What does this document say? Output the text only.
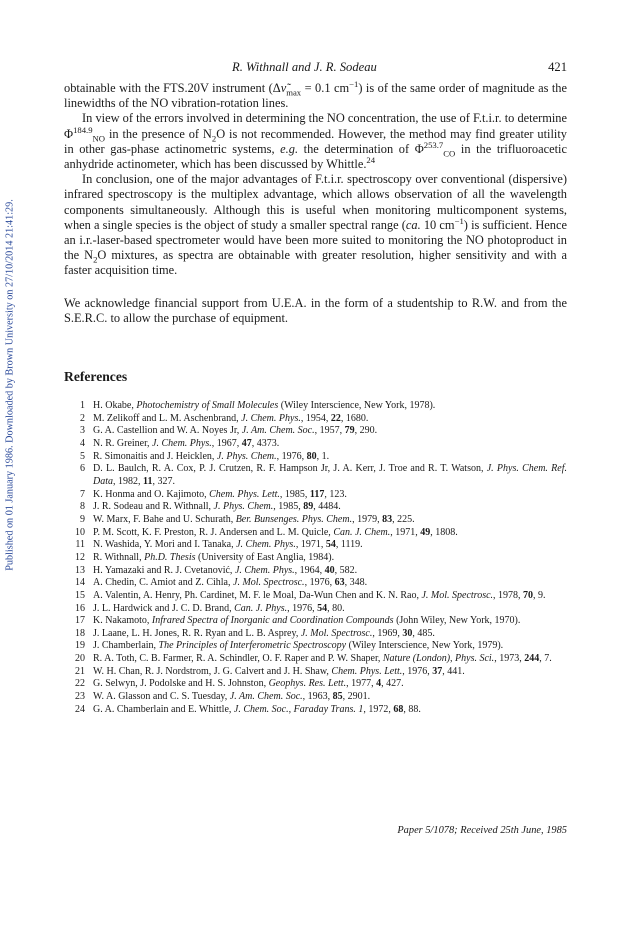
Published on 01 January 1986. Downloaded by Brown University on 27/10/2014 21:41:29.
R. Withnall and J. R. Sodeau	421

obtainable with the FTS.20V instrument ($\Delta\nũ_{max} = 0.1$ $cm^{-1}$) is of the same order of magnitude as the linewidths of the NO vibration-rotation lines.

In view of the errors involved in determining the NO concentration, the use of F.t.i.r. to determine $\Phi^{184.9}_{NO}$ in the presence of $N_2O$ is not recommended. However, the method may find greater utility in other gas-phase actinometric systems, e.g. the determination of $\Phi^{253.7}_{CO}$ in the trifluoroacetic anhydride actinometer, which has been discussed by Whittle.$^{24}$

In conclusion, one of the major advantages of F.t.i.r. spectroscopy over conventional (dispersive) infrared spectroscopy is the multiplex advantage, which allows observation of all the wavelength components simultaneously. Although this is useful when monitoring multicomponent systems, when a single species is the object of study a smaller spectral range (ca. 10 $cm^{-1}$) is sufficient. Hence an i.r.-laser-based spectrometer would have been more suited to monitoring the NO photoproduct in the $N_2O$ mixtures, as spectra are obtainable with greater resolution, higher sensitivity and with a faster acquisition time.

We acknowledge financial support from U.E.A. in the form of a studentship to R.W. and from the S.E.R.C. to allow the purchase of equipment.

References
1 H. Okabe, Photochemistry of Small Molecules (Wiley Interscience, New York, 1978).
2 M. Zelikoff and L. M. Aschenbrand, J. Chem. Phys., 1954, 22, 1680.
3 G. A. Castellion and W. A. Noyes Jr, J. Am. Chem. Soc., 1957, 79, 290.
4 N. R. Greiner, J. Chem. Phys., 1967, 47, 4373.
5 R. Simonaitis and J. Heicklen, J. Phys. Chem., 1976, 80, 1.
6 D. L. Baulch, R. A. Cox, P. J. Crutzen, R. F. Hampson Jr, J. A. Kerr, J. Troe and R. T. Watson, J. Phys. Chem. Ref. Data, 1982, 11, 327.
7 K. Honma and O. Kajimoto, Chem. Phys. Lett., 1985, 117, 123.
8 J. R. Sodeau and R. Withnall, J. Phys. Chem., 1985, 89, 4484.
9 W. Marx, F. Bahe and U. Schurath, Ber. Bunsenges. Phys. Chem., 1979, 83, 225.
10 P. M. Scott, K. F. Preston, R. J. Andersen and L. M. Quicle, Can. J. Chem., 1971, 49, 1808.
11 N. Washida, Y. Mori and I. Tanaka, J. Chem. Phys., 1971, 54, 1119.
12 R. Withnall, Ph.D. Thesis (University of East Anglia, 1984).
13 H. Yamazaki and R. J. Cvetanović, J. Chem. Phys., 1964, 40, 582.
14 A. Chedin, C. Amiot and Z. Cihla, J. Mol. Spectrosc., 1976, 63, 348.
15 A. Valentin, A. Henry, Ph. Cardinet, M. F. le Moal, Da-Wun Chen and K. N. Rao, J. Mol. Spectrosc., 1978, 70, 9.
16 J. L. Hardwick and J. C. D. Brand, Can. J. Phys., 1976, 54, 80.
17 K. Nakamoto, Infrared Spectra of Inorganic and Coordination Compounds (John Wiley, New York, 1970).
18 J. Laane, L. H. Jones, R. R. Ryan and L. B. Asprey, J. Mol. Spectrosc., 1969, 30, 485.
19 J. Chamberlain, The Principles of Interferometric Spectroscopy (Wiley Interscience, New York, 1979).
20 R. A. Toth, C. B. Farmer, R. A. Schindler, O. F. Raper and P. W. Shaper, Nature (London), Phys. Sci., 1973, 244, 7.
21 W. H. Chan, R. J. Nordstrom, J. G. Calvert and J. H. Shaw, Chem. Phys. Lett., 1976, 37, 441.
22 G. Selwyn, J. Podolske and H. S. Johnston, Geophys. Res. Lett., 1977, 4, 427.
23 W. A. Glasson and C. S. Tuesday, J. Am. Chem. Soc., 1963, 85, 2901.
24 G. A. Chamberlain and E. Whittle, J. Chem. Soc., Faraday Trans. 1, 1972, 68, 88.
Paper 5/1078; Received 25th June, 1985
